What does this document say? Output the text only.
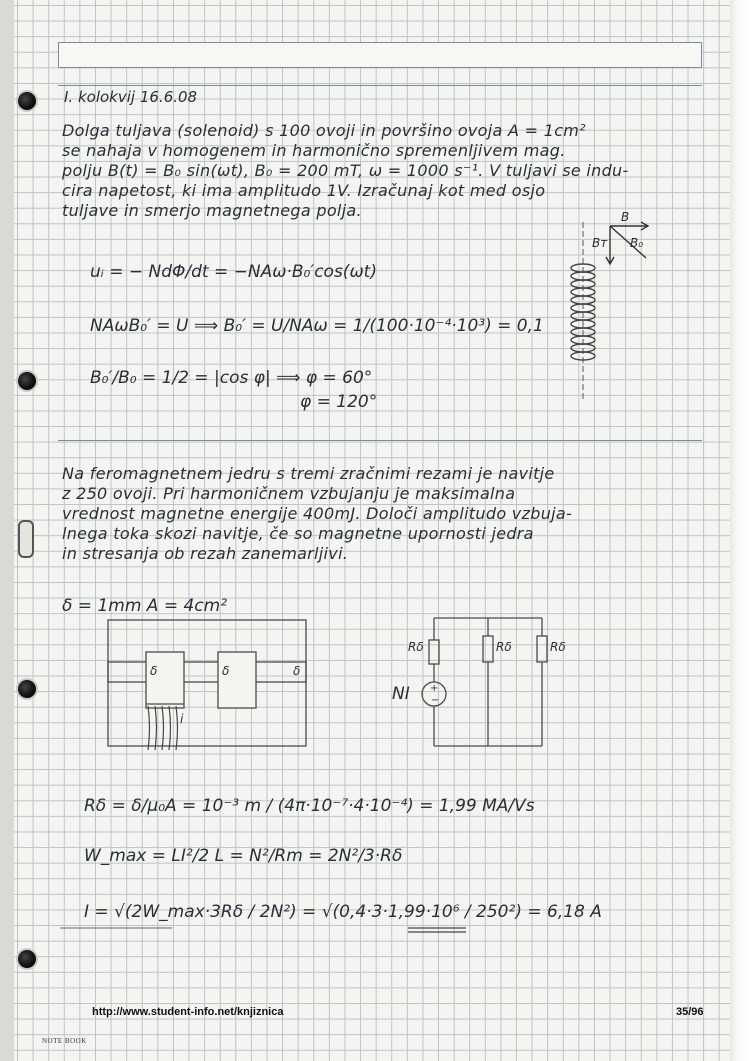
I. kolokvij 16.6.08
Dolga tuljava (solenoid) s 100 ovoji in površino ovoja A = 1cm²
se nahaja v homogenem in harmonično spremenljivem mag.
polju B(t) = B₀ sin(ωt), B₀ = 200 mT, ω = 1000 s⁻¹. V tuljavi se indu-
cira napetost, ki ima amplitudo 1V. Izračunaj kot med osjo
tuljave in smerjo magnetnega polja.
uᵢ = − NdΦ/dt = −NAω·B₀′cos(ωt)
NAωB₀′ = U ⟹ B₀′ = U/NAω = 1/(100·10⁻⁴·10³) = 0,1
B₀′/B₀ = 1/2 = |cos φ| ⟹ φ = 60°
φ = 120°
B
Bᴛ B₀
Na feromagnetnem jedru s tremi zračnimi rezami je navitje
z 250 ovoji. Pri harmoničnem vzbujanju je maksimalna
vrednost magnetne energije 400mJ. Določi amplitudo vzbuja-
lnega toka skozi navitje, če so magnetne upornosti jedra
in stresanja ob rezah zanemarljivi.
δ = 1mm A = 4cm²
+
−
δ	δ	δ
i
Rδ	Rδ	Rδ
NI
Rδ = δ/μ₀A = 10⁻³ m / (4π·10⁻⁷·4·10⁻⁴) = 1,99 MA/Vs
W_max = LI²/2 L = N²/Rm = 2N²/3·Rδ
I = √(2W_max·3Rδ / 2N²) = √(0,4·3·1,99·10⁶ / 250²) = 6,18 A
http://www.student-info.net/knjiznica	35/96
NOTE BOOK
